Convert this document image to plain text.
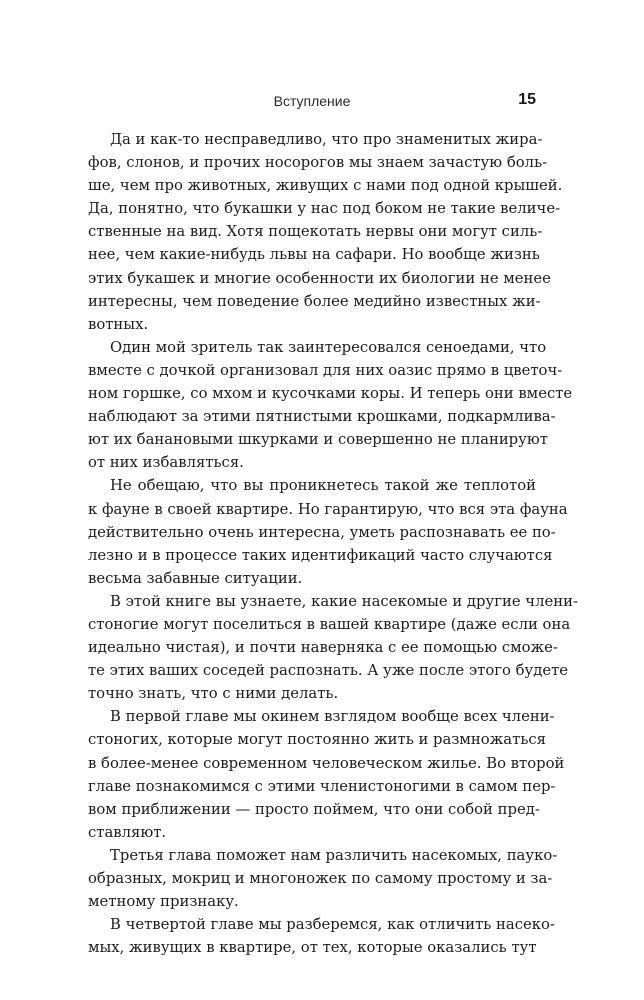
Вступление	15
Да и как-то несправедливо, что про знаменитых жира-
фов, слонов, и прочих носорогов мы знаем зачастую боль-
ше, чем про животных, живущих с нами под одной крышей.
Да, понятно, что букашки у нас под боком не такие величе-
ственные на вид. Хотя пощекотать нервы они могут силь-
нее, чем какие-нибудь львы на сафари. Но вообще жизнь
этих букашек и многие особенности их биологии не менее
интересны, чем поведение более медийно известных жи-
вотных.
Один мой зритель так заинтересовался сеноедами, что
вместе с дочкой организовал для них оазис прямо в цветоч-
ном горшке, со мхом и кусочками коры. И теперь они вместе
наблюдают за этими пятнистыми крошками, подкармлива-
ют их банановыми шкурками и совершенно не планируют
от них избавляться.
Не обещаю, что вы проникнетесь такой же теплотой
к фауне в своей квартире. Но гарантирую, что вся эта фауна
действительно очень интересна, уметь распознавать ее по-
лезно и в процессе таких идентификаций часто случаются
весьма забавные ситуации.
В этой книге вы узнаете, какие насекомые и другие члени-
стоногие могут поселиться в вашей квартире (даже если она
идеально чистая), и почти наверняка с ее помощью сможе-
те этих ваших соседей распознать. А уже после этого будете
точно знать, что с ними делать.
В первой главе мы окинем взглядом вообще всех члени-
стоногих, которые могут постоянно жить и размножаться
в более-менее современном человеческом жилье. Во второй
главе познакомимся с этими членистоногими в самом пер-
вом приближении — просто поймем, что они собой пред-
ставляют.
Третья глава поможет нам различить насекомых, пауко-
образных, мокриц и многоножек по самому простому и за-
метному признаку.
В четвертой главе мы разберемся, как отличить насеко-
мых, живущих в квартире, от тех, которые оказались тут
